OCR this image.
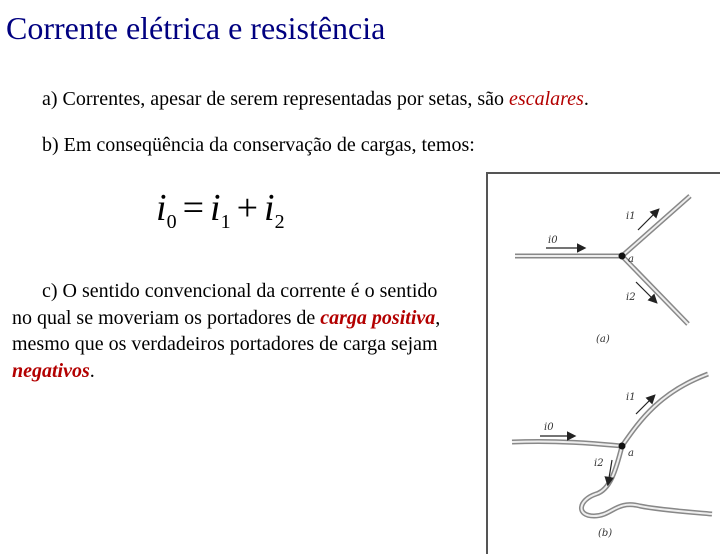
Corrente elétrica e resistência
a) Correntes, apesar de serem representadas por setas, são escalares.
b) Em conseqüência da conservação de cargas, temos:
$i_0 = i_1 + i_2$
c) O sentido convencional da corrente é o sentido no qual se moveriam os portadores de carga positiva, mesmo que os verdadeiros portadores de carga sejam negativos.
i0
i1
i2
a
(a)
i0
i1
i2
a
(b)
